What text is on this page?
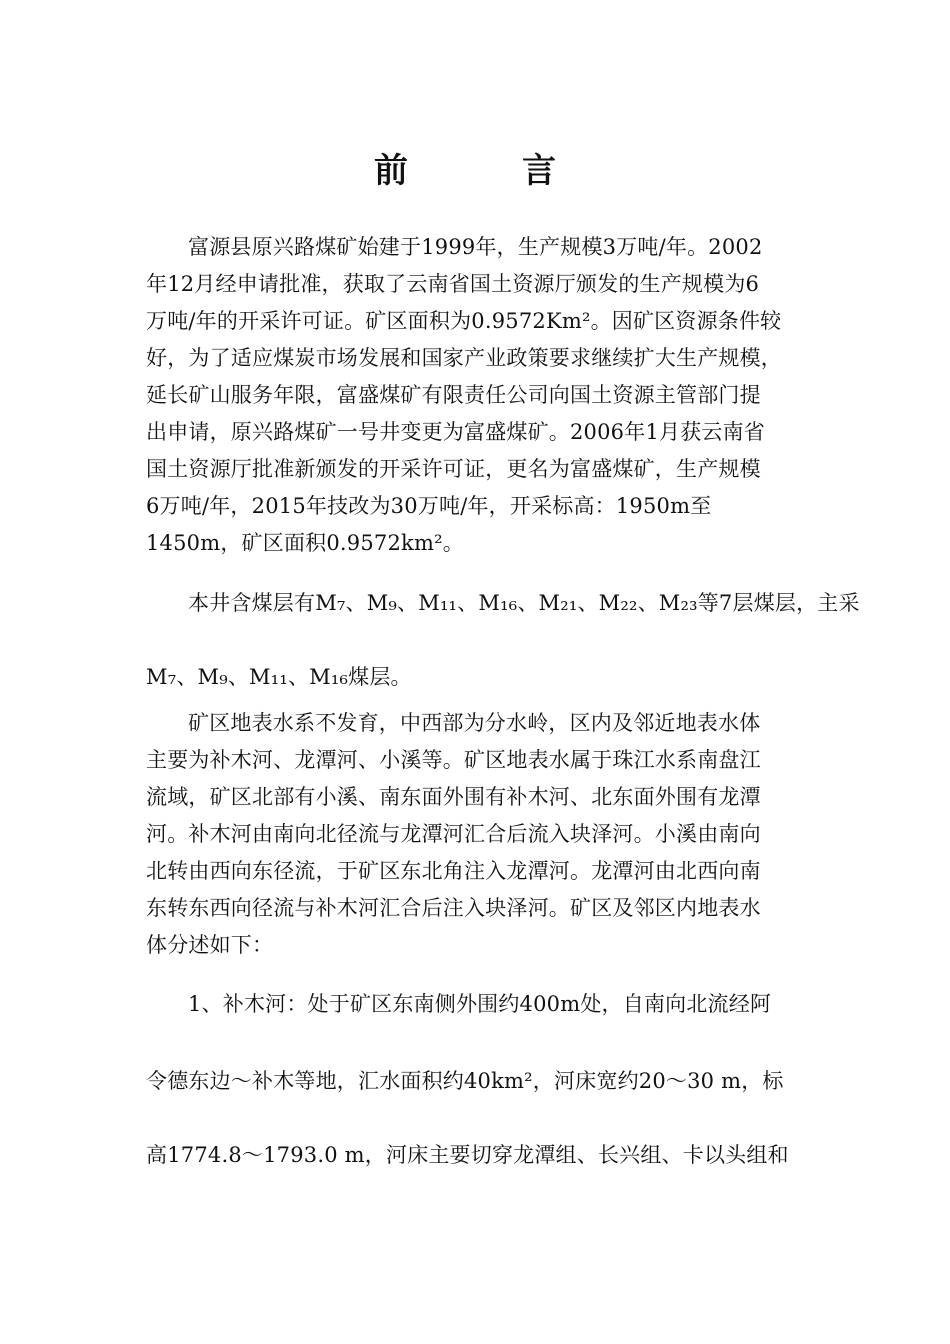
前　言
富源县原兴路煤矿始建于1999年，生产规模3万吨/年。2002
年12月经申请批准，获取了云南省国土资源厅颁发的生产规模为6
万吨/年的开采许可证。矿区面积为0.9572Km²。因矿区资源条件较
好，为了适应煤炭市场发展和国家产业政策要求继续扩大生产规模，
延长矿山服务年限，富盛煤矿有限责任公司向国土资源主管部门提
出申请，原兴路煤矿一号井变更为富盛煤矿。2006年1月获云南省
国土资源厅批准新颁发的开采许可证，更名为富盛煤矿，生产规模
6万吨/年，2015年技改为30万吨/年，开采标高：1950m至
1450m，矿区面积0.9572km²。
本井含煤层有M₇、M₉、M₁₁、M₁₆、M₂₁、M₂₂、M₂₃等7层煤层，主采
M₇、M₉、M₁₁、M₁₆煤层。
矿区地表水系不发育，中西部为分水岭，区内及邻近地表水体
主要为补木河、龙潭河、小溪等。矿区地表水属于珠江水系南盘江
流域，矿区北部有小溪、南东面外围有补木河、北东面外围有龙潭
河。补木河由南向北径流与龙潭河汇合后流入块泽河。小溪由南向
北转由西向东径流，于矿区东北角注入龙潭河。龙潭河由北西向南
东转东西向径流与补木河汇合后注入块泽河。矿区及邻区内地表水
体分述如下：
1、补木河：处于矿区东南侧外围约400m处，自南向北流经阿
令德东边～补木等地，汇水面积约40km²，河床宽约20～30 m，标
高1774.8～1793.0 m，河床主要切穿龙潭组、长兴组、卡以头组和
